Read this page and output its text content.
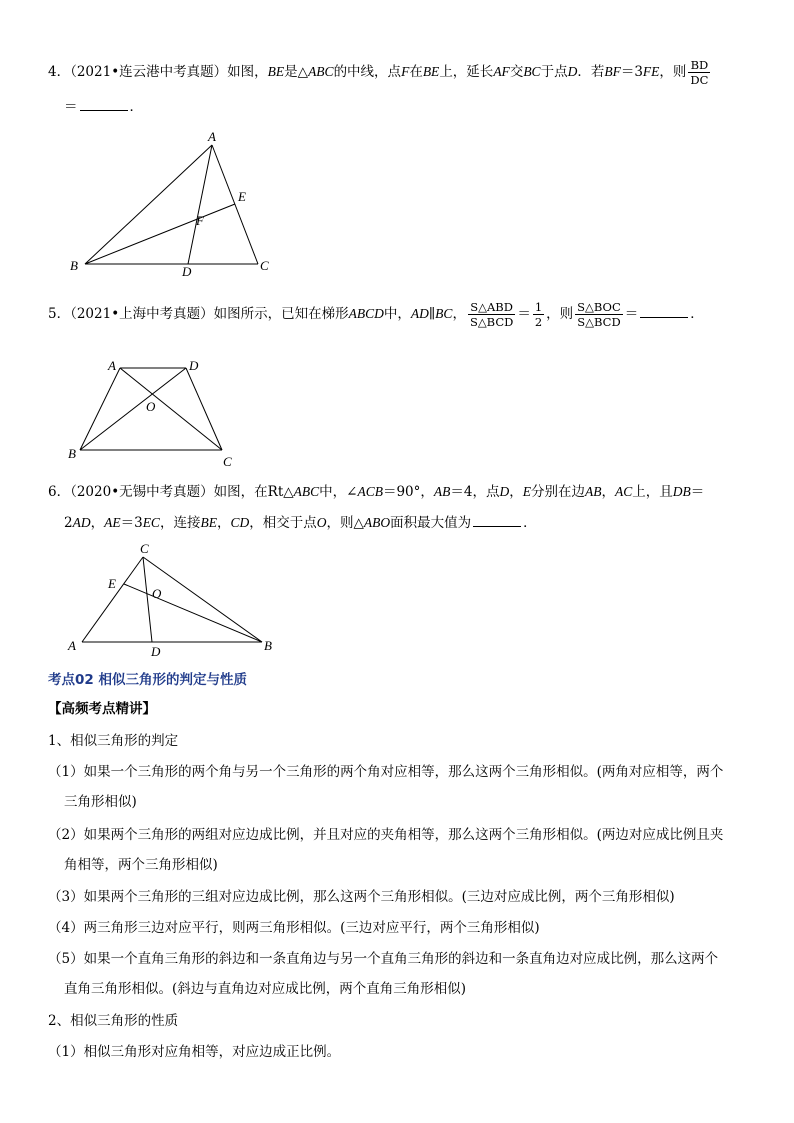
4．（2021•连云港中考真题）如图，BE是△ABC的中线，点F在BE上，延长AF交BC于点D．若BF＝3FE，则 $\frac{BD}{DC}$
＝	．
A
B	C
D
E
F
5．（2021•上海中考真题）如图所示，已知在梯形ABCD中，AD∥BC， $\frac{\text{S△ABD}}{\text{S△BCD}} = \frac{1}{2}$ ，则 $\frac{\text{S△BOC}}{\text{S△BCD}}$ ＝	．
A	D
B
C
O
6．（2020•无锡中考真题）如图，在Rt△ABC中，∠ACB＝90°，AB＝4，点D，E分别在边AB，AC上，且DB＝
2AD，AE＝3EC，连接BE，CD，相交于点O，则△ABO面积最大值为	．
C
E
O
A	B
D
考点02 相似三角形的判定与性质
【高频考点精讲】
1、相似三角形的判定
（1）如果一个三角形的两个角与另一个三角形的两个角对应相等，那么这两个三角形相似。(两角对应相等，两个
三角形相似)
（2）如果两个三角形的两组对应边成比例，并且对应的夹角相等，那么这两个三角形相似。(两边对应成比例且夹
角相等，两个三角形相似)
（3）如果两个三角形的三组对应边成比例，那么这两个三角形相似。(三边对应成比例，两个三角形相似)
（4）两三角形三边对应平行，则两三角形相似。(三边对应平行，两个三角形相似)
（5）如果一个直角三角形的斜边和一条直角边与另一个直角三角形的斜边和一条直角边对应成比例，那么这两个
直角三角形相似。(斜边与直角边对应成比例，两个直角三角形相似)
2、相似三角形的性质
（1）相似三角形对应角相等，对应边成正比例。
